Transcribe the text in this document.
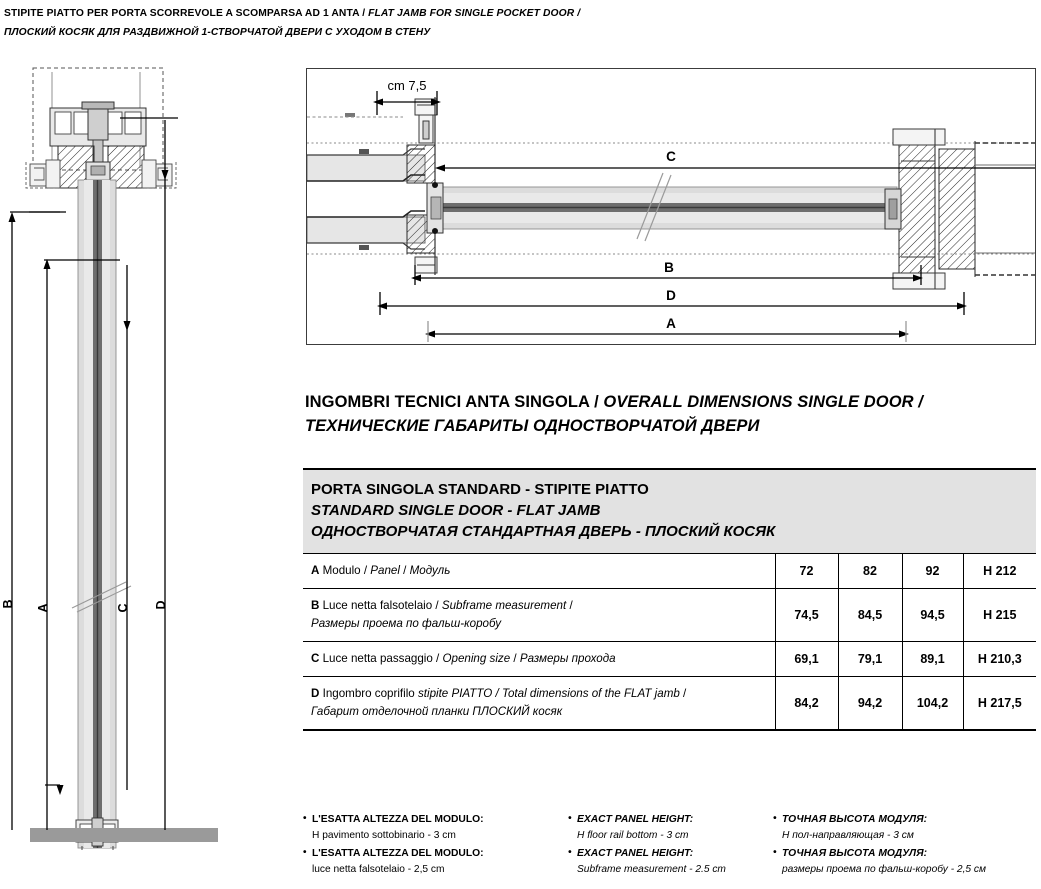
STIPITE PIATTO PER PORTA SCORREVOLE A SCOMPARSA AD 1 ANTA / FLAT JAMB FOR SINGLE POCKET DOOR /
ПЛОСКИЙ КОСЯК ДЛЯ РАЗДВИЖНОЙ 1-СТВОРЧАТОЙ ДВЕРИ С УХОДОМ В СТЕНУ
B A	C D
cm 7,5
C
B
D
A
INGOMBRI TECNICI ANTA SINGOLA / OVERALL DIMENSIONS SINGLE DOOR /
ТЕХНИЧЕСКИЕ ГАБАРИТЫ ОДНОСТВОРЧАТОЙ ДВЕРИ
PORTA SINGOLA STANDARD - STIPITE PIATTO
STANDARD SINGLE DOOR - FLAT JAMB
ОДНОСТВОРЧАТАЯ СТАНДАРТНАЯ ДВЕРЬ - ПЛОСКИЙ КОСЯК				

A Modulo / Panel / Модуль	72	82	92	H 212

B Luce netta falsotelaio / Subframe measurement /
Размеры проема по фальш-коробу	74,5	84,5	94,5	H 215
C Luce netta passaggio / Opening size / Размеры прохода	69,1	79,1	89,1	H 210,3

D Ingombro coprifilo stipite PIATTO / Total dimensions of the FLAT jamb /
Габарит отделочной планки ПЛОСКИЙ косяк	84,2	94,2	104,2	H 217,5
• L'ESATTA ALTEZZA DEL MODULO:
H pavimento sottobinario - 3 cm
• L'ESATTA ALTEZZA DEL MODULO:
luce netta falsotelaio - 2,5 cm
• EXACT PANEL HEIGHT:
H floor rail bottom - 3 cm
• EXACT PANEL HEIGHT:
Subframe measurement - 2.5 cm
• ТОЧНАЯ ВЫСОТА МОДУЛЯ:
Н пол-направляющая - 3 см
• ТОЧНАЯ ВЫСОТА МОДУЛЯ:
размеры проема по фальш-коробу - 2,5 см
